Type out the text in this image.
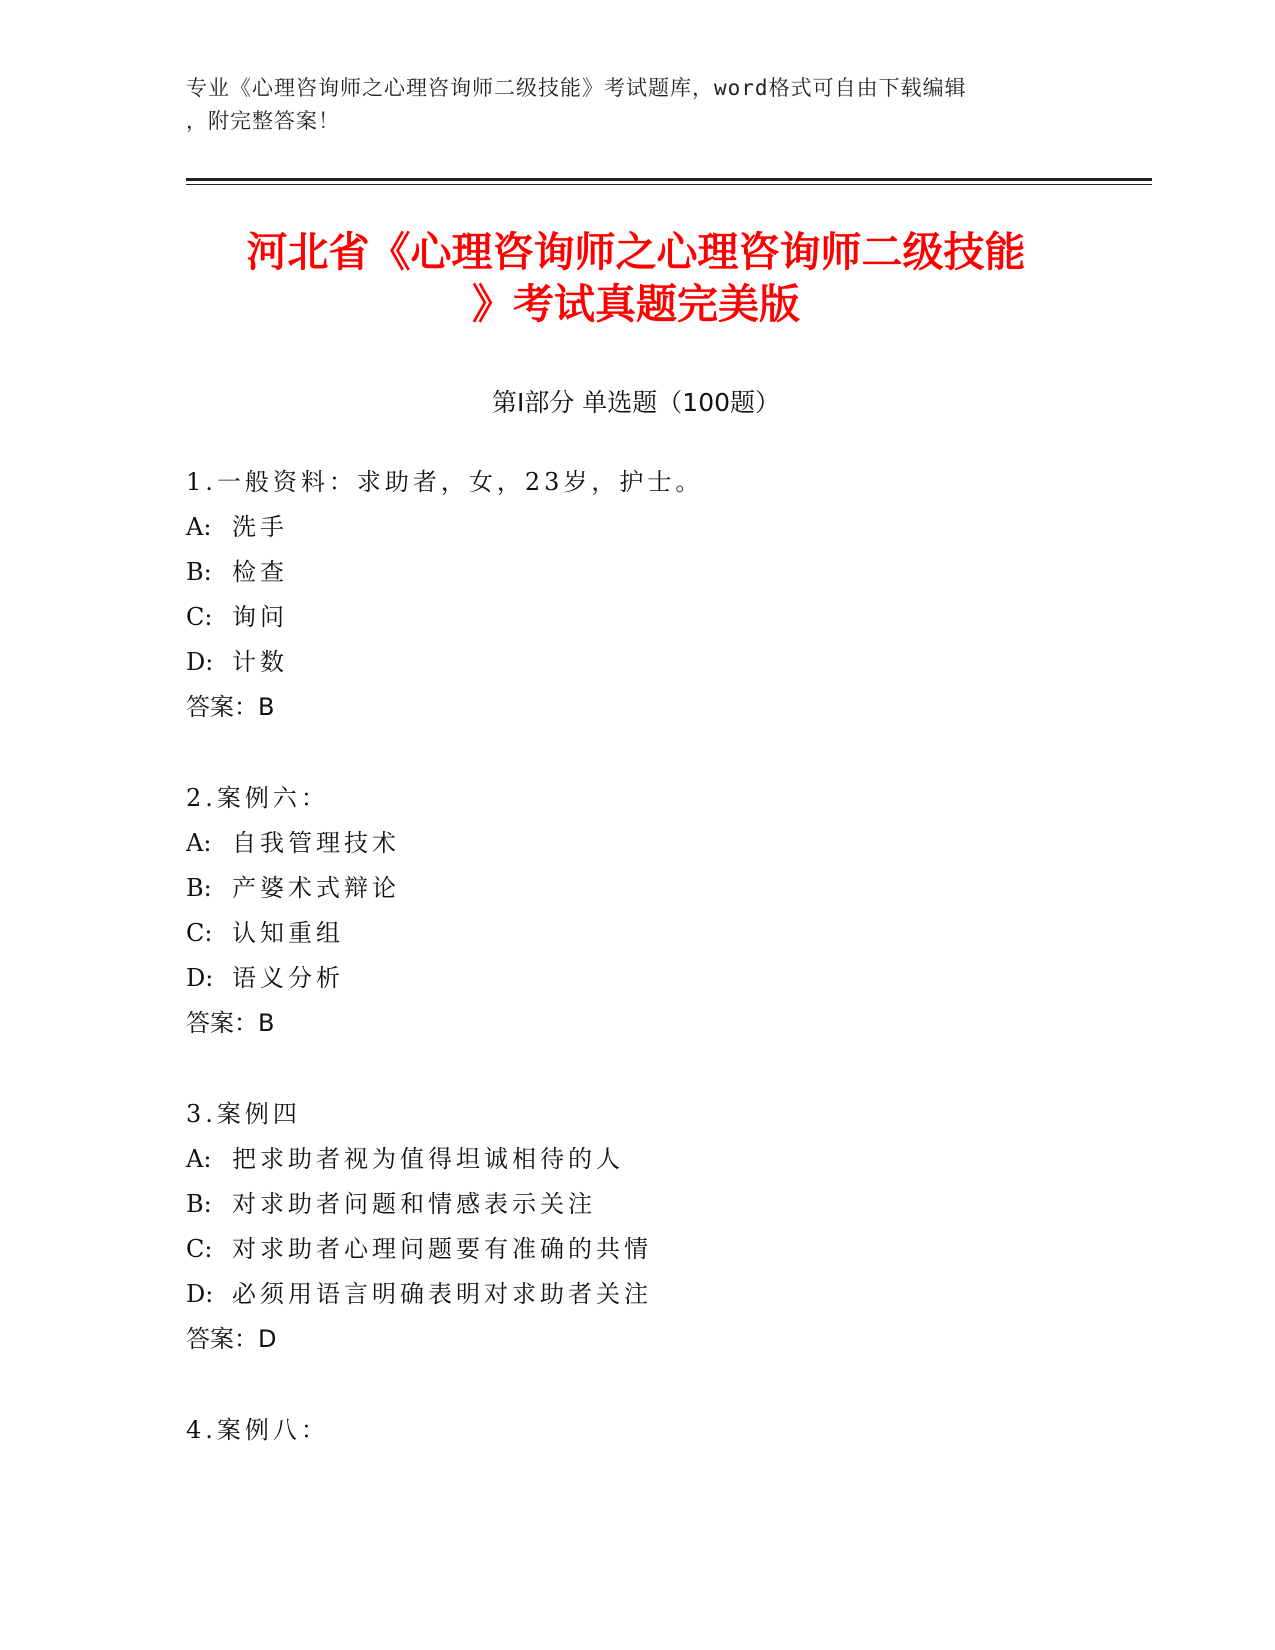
专业《心理咨询师之心理咨询师二级技能》考试题库，word格式可自由下载编辑
，附完整答案！
河北省《心理咨询师之心理咨询师二级技能
》考试真题完美版
第Ⅰ部分 单选题（100题）
1.一般资料：求助者，女，23岁，护士。
A: 洗手
B: 检查
C: 询问
D: 计数
答案：B
2.案例六：
A: 自我管理技术
B: 产婆术式辩论
C: 认知重组
D: 语义分析
答案：B
3.案例四
A: 把求助者视为值得坦诚相待的人
B: 对求助者问题和情感表示关注
C: 对求助者心理问题要有准确的共情
D: 必须用语言明确表明对求助者关注
答案：D
4.案例八：
